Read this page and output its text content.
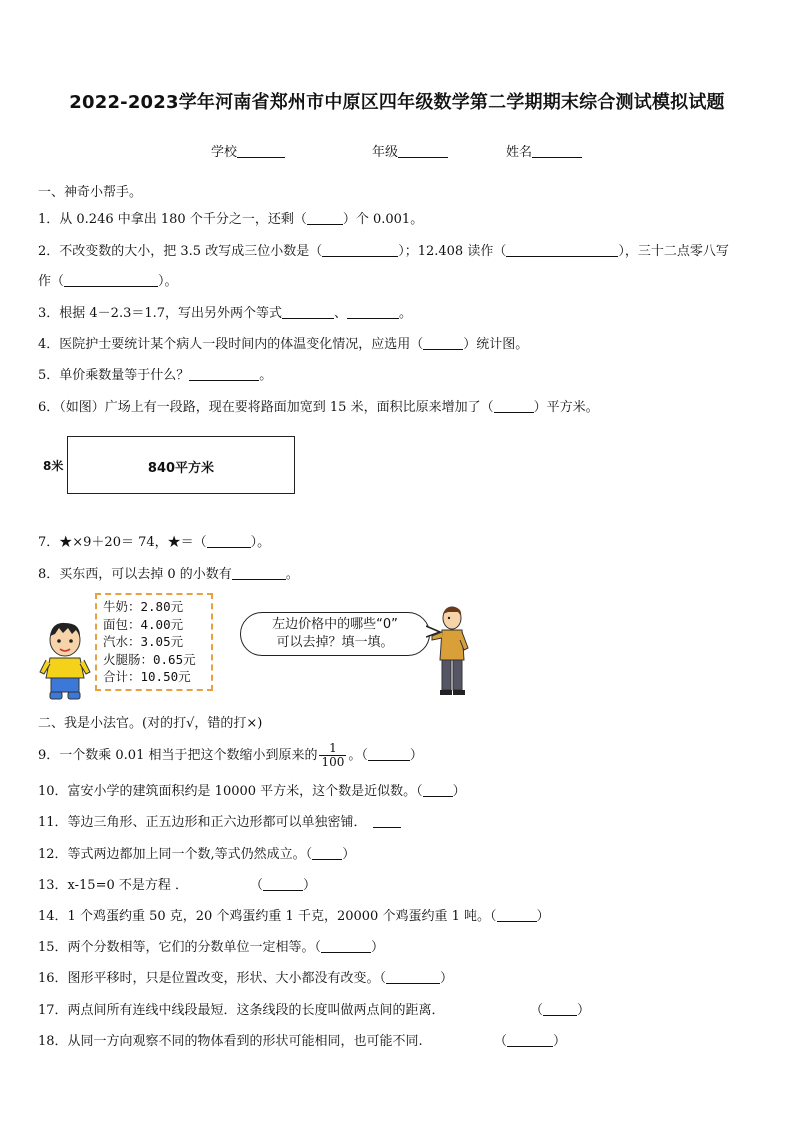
2022-2023学年河南省郑州市中原区四年级数学第二学期期末综合测试模拟试题
学校	年级	姓名
一、神奇小帮手。
1．从 0.246 中拿出 180 个千分之一，还剩（	）个 0.001。
2．不改变数的大小，把 3.5 改写成三位小数是（	）；12.408 读作（	），三十二点零八写
作（	）。
3．根据 4－2.3＝1.7，写出另外两个等式	、	。
4．医院护士要统计某个病人一段时间内的体温变化情况，应选用（	）统计图。
5．单价乘数量等于什么？	。
6．（如图）广场上有一段路，现在要将路面加宽到 15 米，面积比原来增加了（	）平方米。
8米	840平方米
7．★×9＋20＝ 74，★＝（	）。
8．买东西，可以去掉 0 的小数有	。
牛奶：2.80元
面包：4.00元
汽水：3.05元
火腿肠：0.65元
合计：10.50元
左边价格中的哪些“0”
可以去掉？填一填。
二、我是小法官。(对的打√，错的打×)
9．一个数乘 0.01 相当于把这个数缩小到原来的 $\frac{1}{100}$ 。（	）
10．富安小学的建筑面积约是 10000 平方米，这个数是近似数。（ ）
11．等边三角形、正五边形和正六边形都可以单独密铺．
12．等式两边都加上同一个数,等式仍然成立。（ ）
13．x-15=0 不是方程 ．	（	）
14．1 个鸡蛋约重 50 克，20 个鸡蛋约重 1 千克，20000 个鸡蛋约重 1 吨。（	）
15．两个分数相等，它们的分数单位一定相等。（	）
16．图形平移时，只是位置改变，形状、大小都没有改变。（	）
17．两点间所有连线中线段最短．这条线段的长度叫做两点间的距离．	（	）
18．从同一方向观察不同的物体看到的形状可能相同，也可能不同.	（	）
